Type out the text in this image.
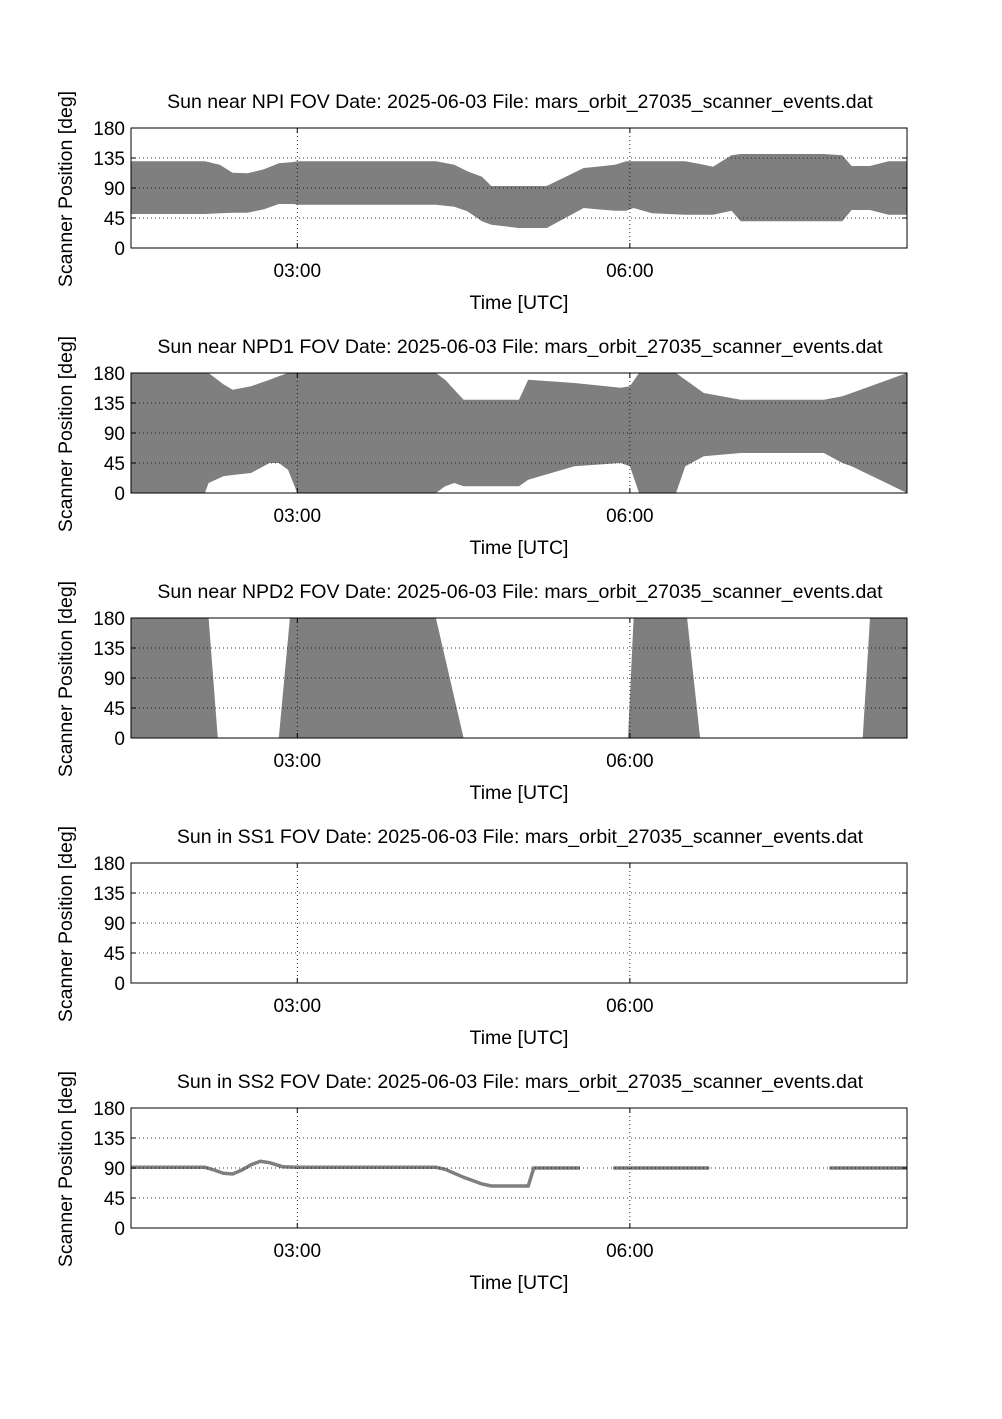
0
45
90
135
180
03:00	06:00
Sun near NPI FOV Date: 2025-06-03 File: mars_orbit_27035_scanner_events.dat
Time [UTC]
Scanner Position [deg]
0
45
90
135
180
03:00	06:00
Sun near NPD1 FOV Date: 2025-06-03 File: mars_orbit_27035_scanner_events.dat
Time [UTC]
Scanner Position [deg]
0
45
90
135
180
03:00	06:00
Sun near NPD2 FOV Date: 2025-06-03 File: mars_orbit_27035_scanner_events.dat
Time [UTC]
Scanner Position [deg]
0
45
90
135
180
03:00	06:00
Sun in SS1 FOV Date: 2025-06-03 File: mars_orbit_27035_scanner_events.dat
Time [UTC]
Scanner Position [deg]
0
45
90
135
180
03:00	06:00
Sun in SS2 FOV Date: 2025-06-03 File: mars_orbit_27035_scanner_events.dat
Time [UTC]
Scanner Position [deg]
